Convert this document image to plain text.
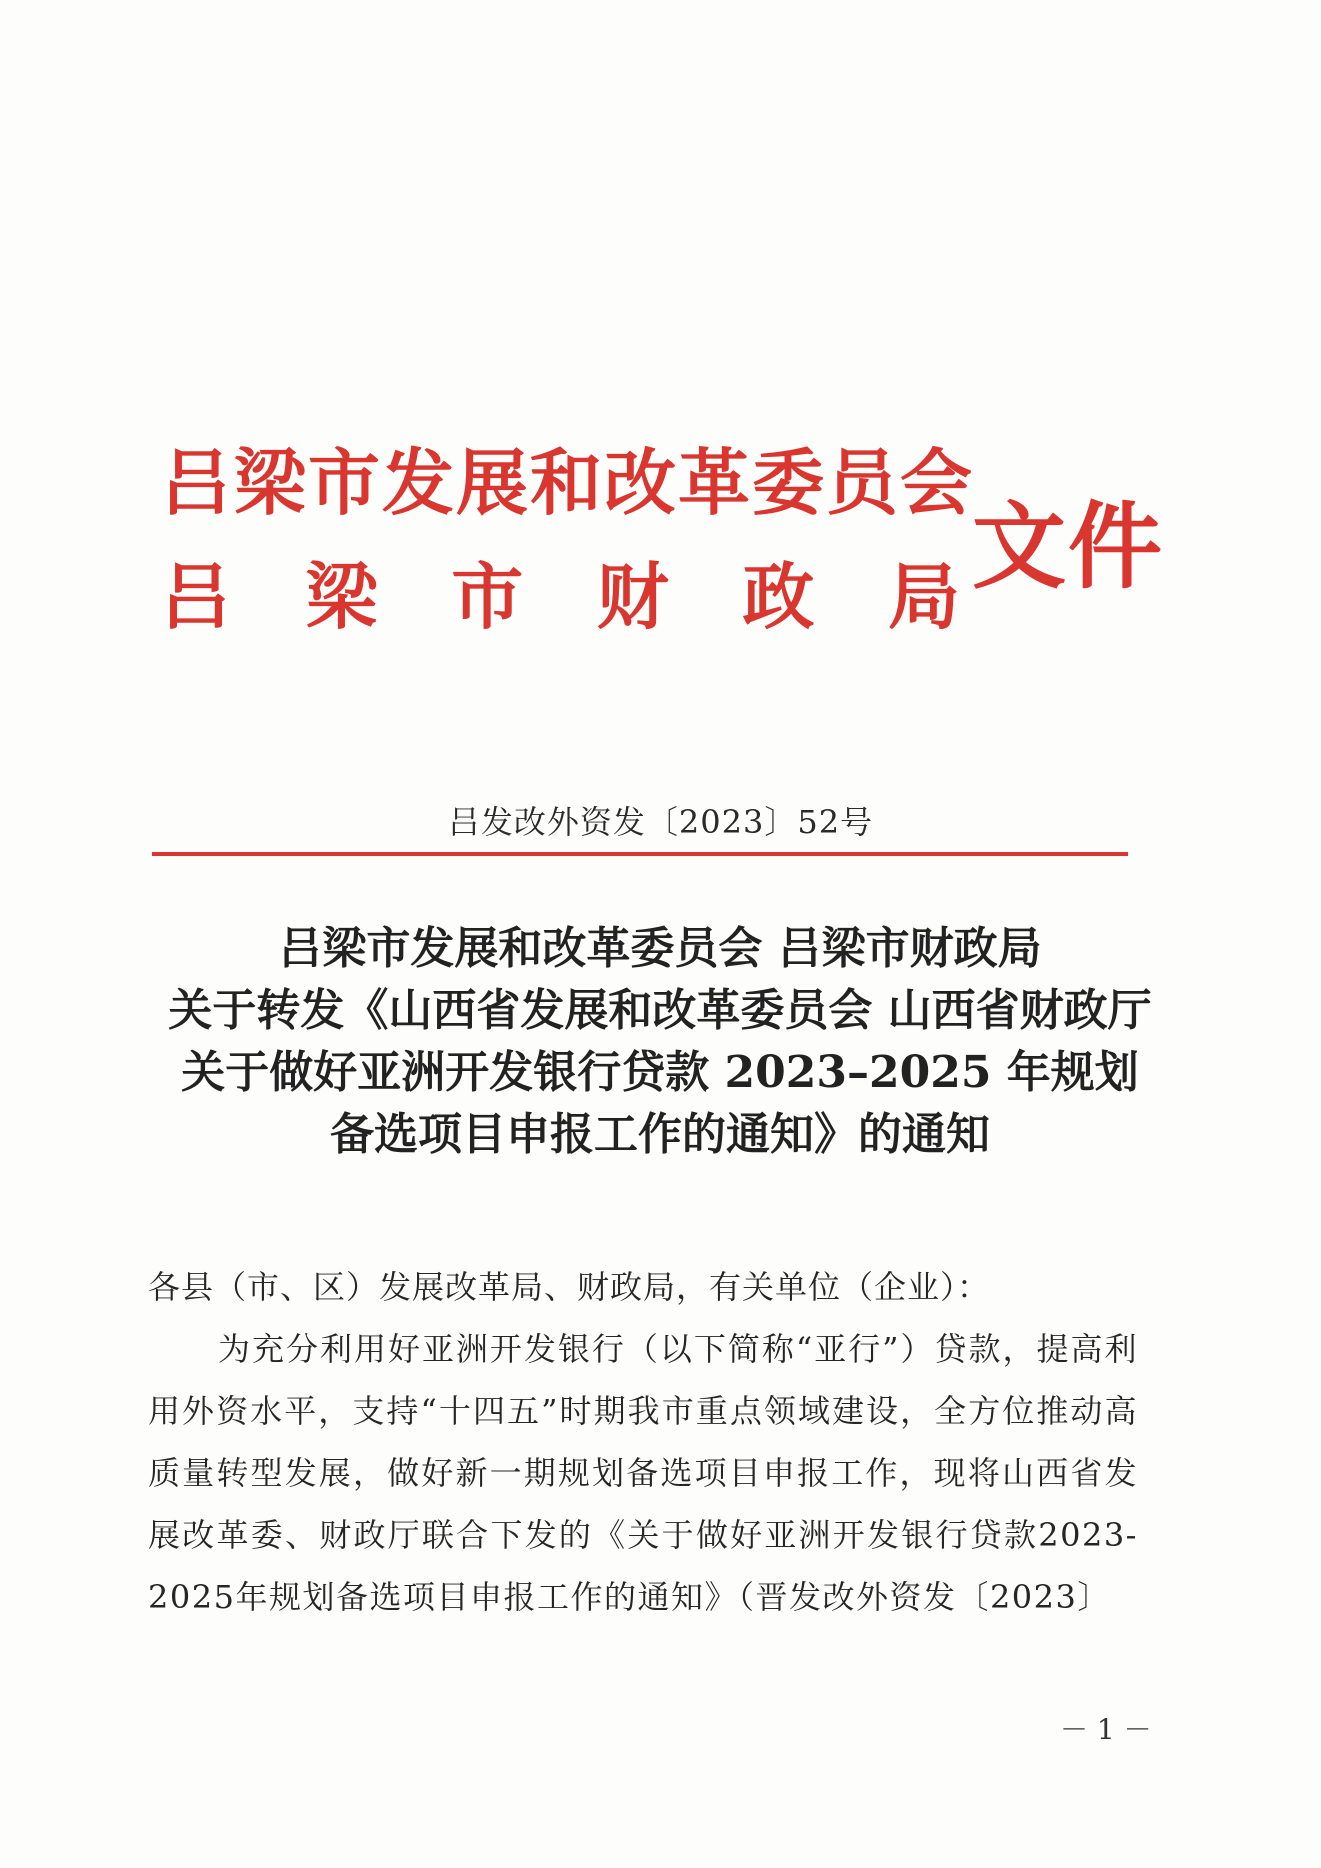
吕梁市发展和改革委员会
吕 梁 市 财 政 局 文件
吕发改外资发〔2023〕52号
吕梁市发展和改革委员会 吕梁市财政局
关于转发《山西省发展和改革委员会 山西省财政厅
关于做好亚洲开发银行贷款 2023–2025 年规划
备选项目申报工作的通知》的通知

各县（市、区）发展改革局、财政局，有关单位（企业）：

为充分利用好亚洲开发银行（以下简称“亚行”）贷款，提高利用外资水平，支持“十四五”时期我市重点领域建设，全方位推动高质量转型发展，做好新一期规划备选项目申报工作，现将山西省发展改革委、财政厅联合下发的《关于做好亚洲开发银行贷款2023-2025年规划备选项目申报工作的通知》（晋发改外资发〔2023〕

－ 1 －
